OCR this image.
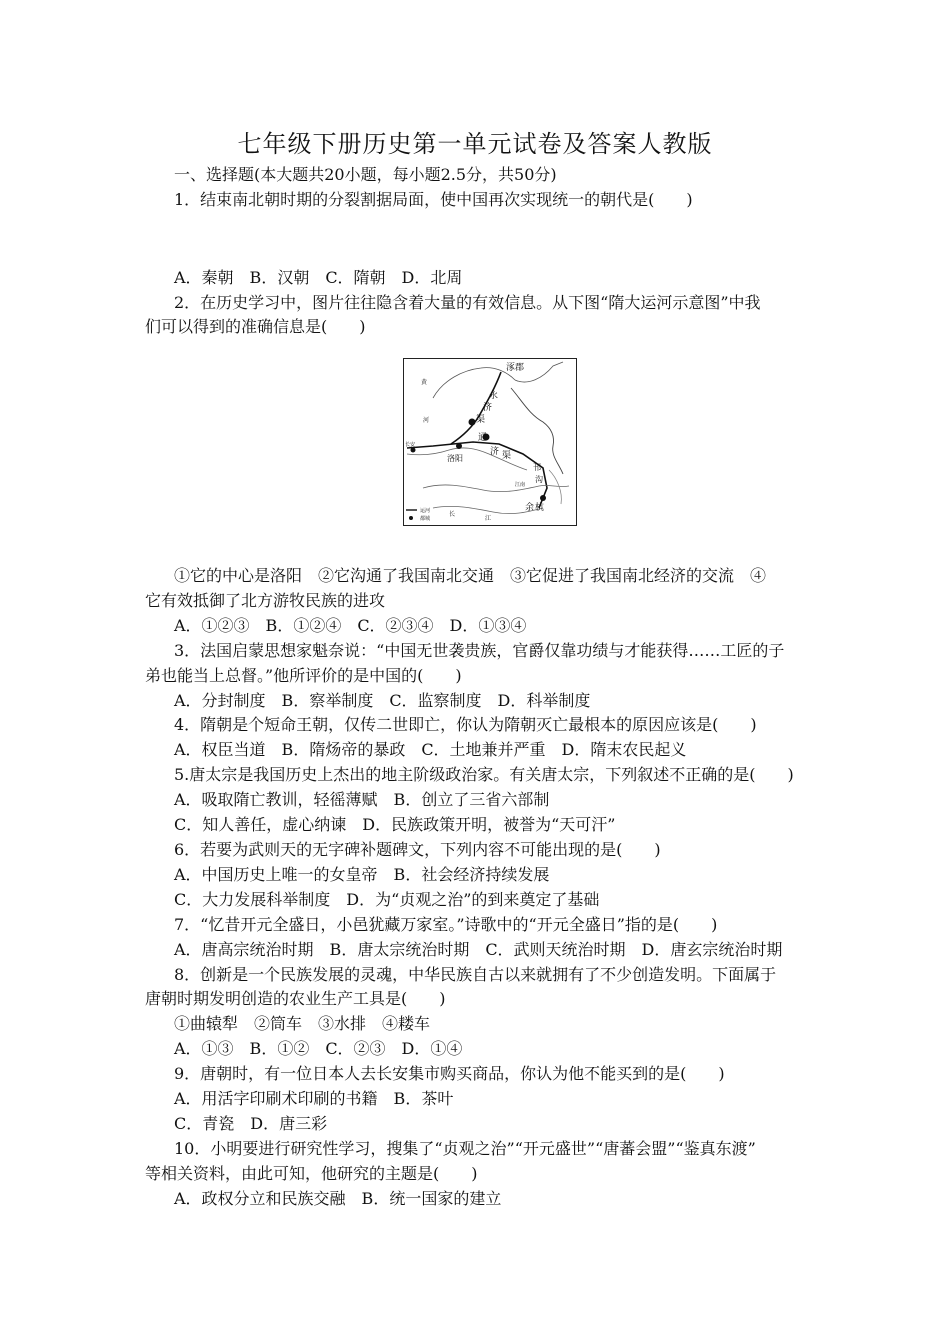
七年级下册历史第一单元试卷及答案人教版
一、选择题(本大题共20小题，每小题2.5分，共50分)
1．结束南北朝时期的分裂割据局面，使中国再次实现统一的朝代是(　　)
A．秦朝　B．汉朝　C．隋朝　D．北周
2．在历史学习中，图片往往隐含着大量的有效信息。从下图“隋大运河示意图”中我
们可以得到的准确信息是(　　)
涿郡
永
济
渠
通
济 渠
长安
洛阳
余 杭
黄
河
邗
沟
长
江
江南
运河
都城
①它的中心是洛阳　②它沟通了我国南北交通　③它促进了我国南北经济的交流　④
它有效抵御了北方游牧民族的进攻
A．①②③　B．①②④　C．②③④　D．①③④
3．法国启蒙思想家魁奈说：“中国无世袭贵族，官爵仅靠功绩与才能获得……工匠的子
弟也能当上总督。”他所评价的是中国的(　　)
A．分封制度　B．察举制度　C．监察制度　D．科举制度
4．隋朝是个短命王朝，仅传二世即亡，你认为隋朝灭亡最根本的原因应该是(　　)
A．权臣当道　B．隋炀帝的暴政　C．土地兼并严重　D．隋末农民起义
5.唐太宗是我国历史上杰出的地主阶级政治家。有关唐太宗，下列叙述不正确的是(　　)
A．吸取隋亡教训，轻徭薄赋　B．创立了三省六部制
C．知人善任，虚心纳谏　D．民族政策开明，被誉为“天可汗”
6．若要为武则天的无字碑补题碑文，下列内容不可能出现的是(　　)
A．中国历史上唯一的女皇帝　B．社会经济持续发展
C．大力发展科举制度　D．为“贞观之治”的到来奠定了基础
7．“忆昔开元全盛日，小邑犹藏万家室。”诗歌中的“开元全盛日”指的是(　　)
A．唐高宗统治时期　B．唐太宗统治时期　C．武则天统治时期　D．唐玄宗统治时期
8．创新是一个民族发展的灵魂，中华民族自古以来就拥有了不少创造发明。下面属于
唐朝时期发明创造的农业生产工具是(　　)
①曲辕犁　②筒车　③水排　④耧车
A．①③　B．①②　C．②③　D．①④
9．唐朝时，有一位日本人去长安集市购买商品，你认为他不能买到的是(　　)
A．用活字印刷术印刷的书籍　B．茶叶
C．青瓷　D．唐三彩
10．小明要进行研究性学习，搜集了“贞观之治”“开元盛世”“唐蕃会盟”“鉴真东渡”
等相关资料，由此可知，他研究的主题是(　　)
A．政权分立和民族交融　B．统一国家的建立
